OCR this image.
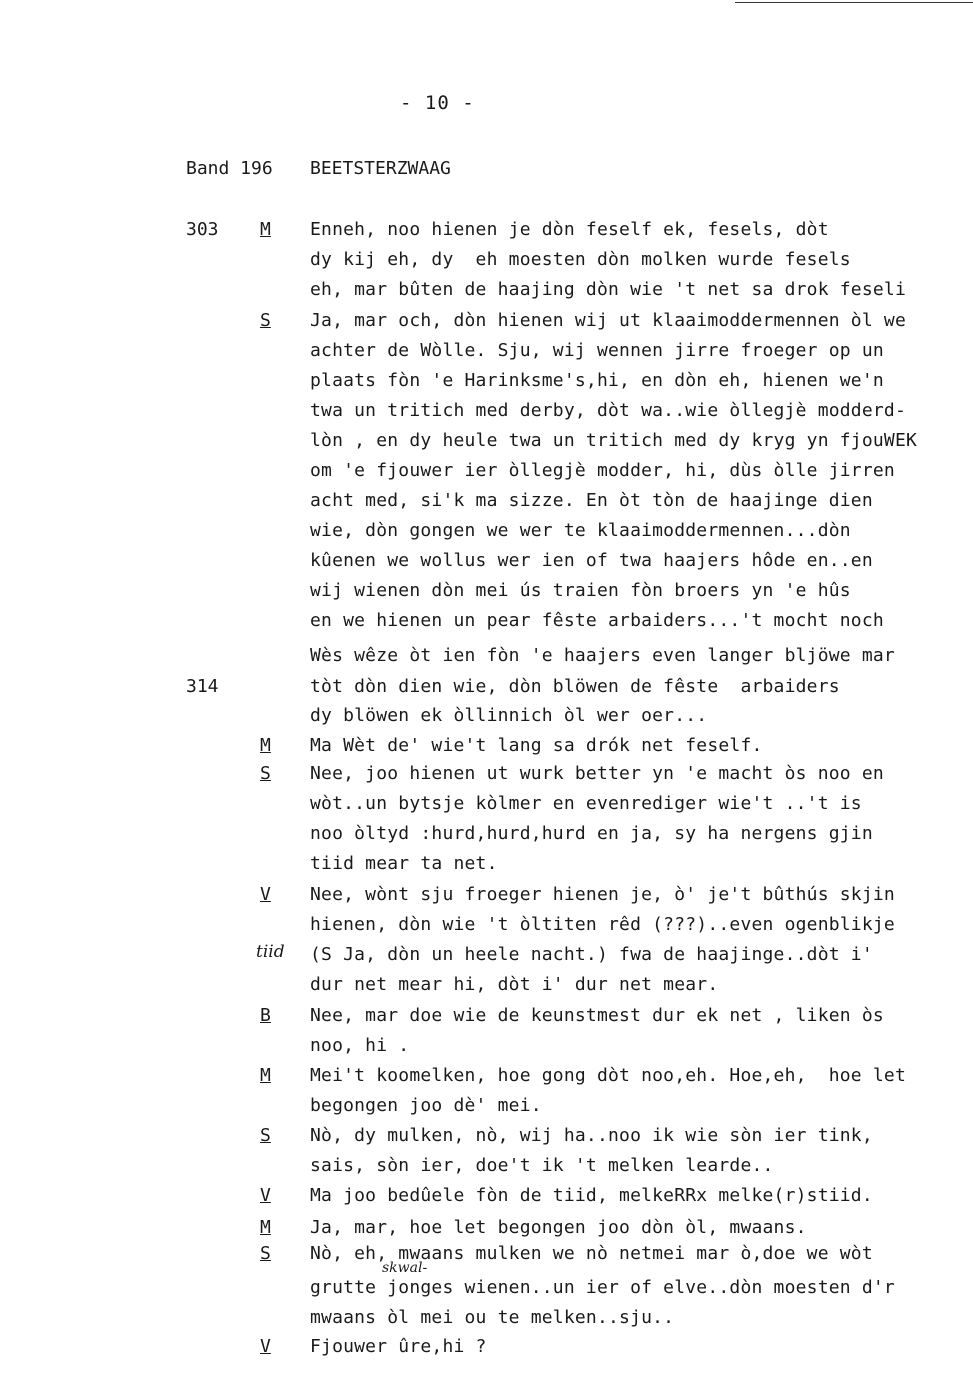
- 10 -
Band 196 BEETSTERZWAAG
303
314
tiid
skwal-
M Enneh, noo hienen je dòn feself ek, fesels, dòt
dy kij eh, dy  eh moesten dòn molken wurde fesels
eh, mar bûten de haajing dòn wie 't net sa drok feseli
S Ja, mar och, dòn hienen wij ut klaaimoddermennen òl we
achter de Wòlle. Sju, wij wennen jirre froeger op un
plaats fòn 'e Harinksme's,hi, en dòn eh, hienen we'n
twa un tritich med derby, dòt wa..wie òllegjè modderd-
lòn , en dy heule twa un tritich med dy kryg yn fjouWEK
om 'e fjouwer ier òllegjè modder, hi, dùs òlle jirren
acht med, si'k ma sizze. En òt tòn de haajinge dien
wie, dòn gongen we wer te klaaimoddermennen...dòn
kûenen we wollus wer ien of twa haajers hôde en..en
wij wienen dòn mei ús traien fòn broers yn 'e hûs
en we hienen un pear fêste arbaiders...'t mocht noch
Wès wêze òt ien fòn 'e haajers even langer bljöwe mar
tòt dòn dien wie, dòn blöwen de fêste  arbaiders
dy blöwen ek òllinnich òl wer oer...
M Ma Wèt de' wie't lang sa drók net feself.
S Nee, joo hienen ut wurk better yn 'e macht òs noo en
wòt..un bytsje kòlmer en evenrediger wie't ..'t is
noo òltyd :hurd,hurd,hurd en ja, sy ha nergens gjin
tiid mear ta net.
V Nee, wònt sju froeger hienen je, ò' je't bûthús skjin
hienen, dòn wie 't òltiten rêd (???)..even ogenblikje
(S Ja, dòn un heele nacht.) fwa de haajinge..dòt i'
dur net mear hi, dòt i' dur net mear.
B Nee, mar doe wie de keunstmest dur ek net , liken òs
noo, hi .
M Mei't koomelken, hoe gong dòt noo,eh. Hoe,eh,  hoe let
begongen joo dè' mei.
S Nò, dy mulken, nò, wij ha..noo ik wie sòn ier tink,
sais, sòn ier, doe't ik 't melken learde..
V Ma joo bedûele fòn de tiid, melkeRRx melke(r)stiid.
M Ja, mar, hoe let begongen joo dòn òl, mwaans.
S Nò, eh, mwaans mulken we nò netmei mar ò,doe we wòt
grutte jonges wienen..un ier of elve..dòn moesten d'r
mwaans òl mei ou te melken..sju..
V Fjouwer ûre,hi ?
